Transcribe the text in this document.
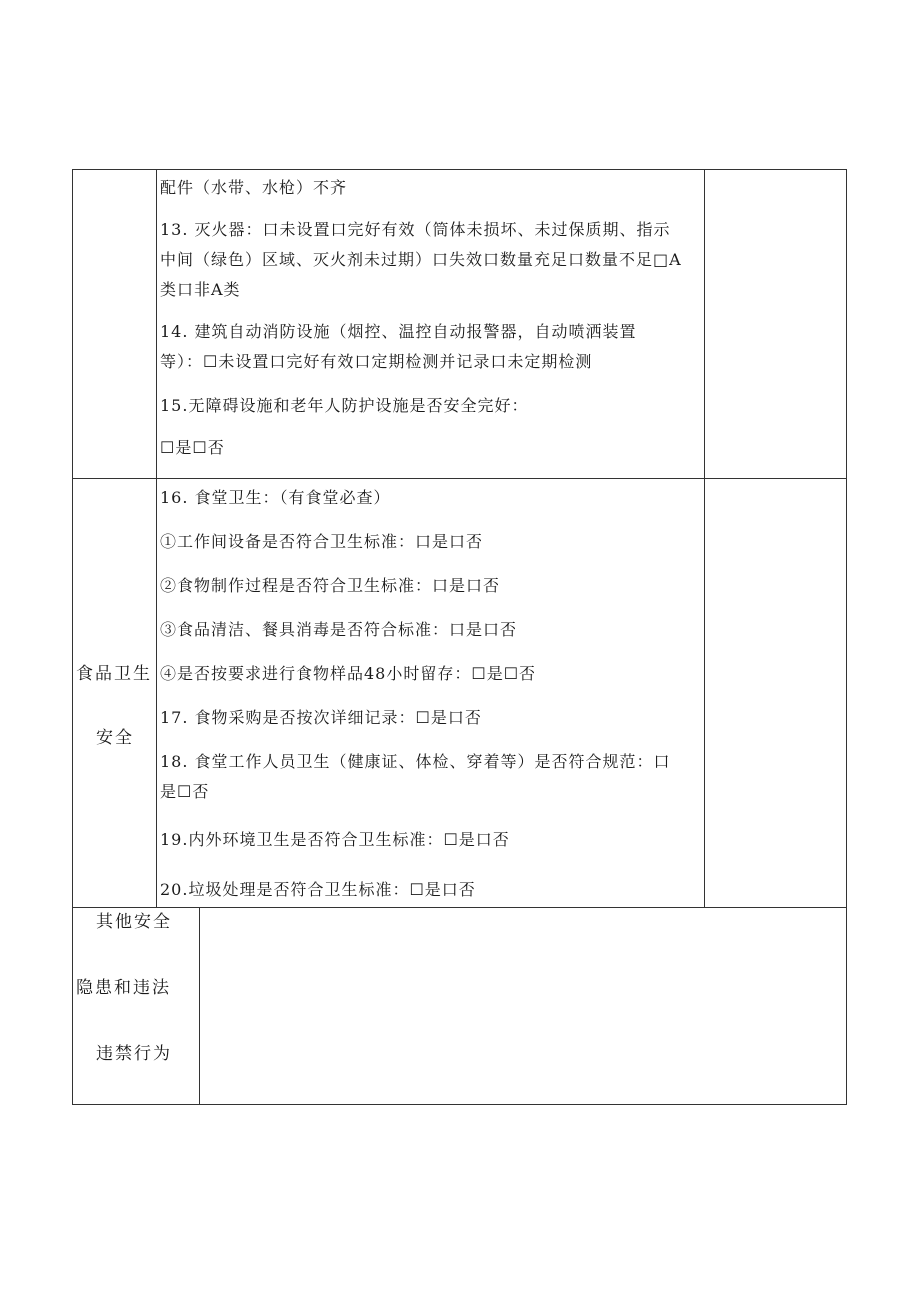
配件（水带、水枪）不齐
13. 灭火器：口未设置口完好有效（筒体未损坏、未过保质期、指示
中间（绿色）区域、灭火剂未过期）口失效口数量充足口数量不足□A
类口非A类
14. 建筑自动消防设施（烟控、温控自动报警器，自动喷洒装置
等）：☐未设置口完好有效口定期检测并记录口未定期检测
15.无障碍设施和老年人防护设施是否安全完好：
☐是☐否
食品卫生
安全
16. 食堂卫生：（有食堂必查）
①工作间设备是否符合卫生标准：口是口否
②食物制作过程是否符合卫生标准：口是口否
③食品清洁、餐具消毒是否符合标准：口是口否
④是否按要求进行食物样品48小时留存：☐是☐否
17. 食物采购是否按次详细记录：☐是口否
18. 食堂工作人员卫生（健康证、体检、穿着等）是否符合规范：口
是☐否
19.内外环境卫生是否符合卫生标准：☐是口否
20.垃圾处理是否符合卫生标准：☐是口否
其他安全
隐患和违法
违禁行为
